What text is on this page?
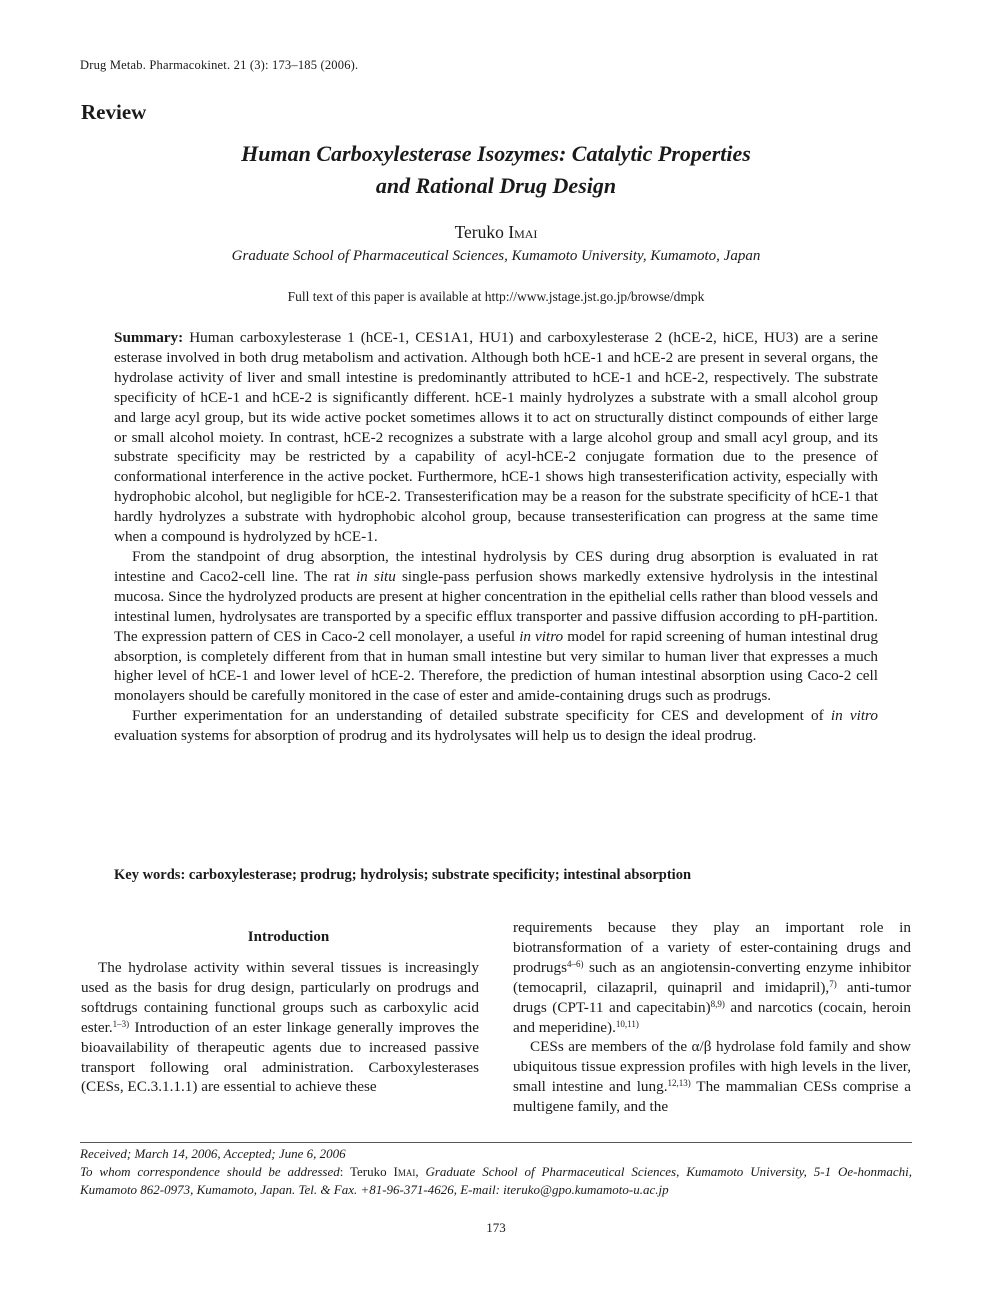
Drug Metab. Pharmacokinet. 21 (3): 173–185 (2006).
Review
Human Carboxylesterase Isozymes: Catalytic Properties
and Rational Drug Design
Teruko Imai
Graduate School of Pharmaceutical Sciences, Kumamoto University, Kumamoto, Japan
Full text of this paper is available at http://www.jstage.jst.go.jp/browse/dmpk

Summary: Human carboxylesterase 1 (hCE-1, CES1A1, HU1) and carboxylesterase 2 (hCE-2, hiCE, HU3) are a serine esterase involved in both drug metabolism and activation. Although both hCE-1 and hCE-2 are present in several organs, the hydrolase activity of liver and small intestine is predominantly attributed to hCE-1 and hCE-2, respectively. The substrate specificity of hCE-1 and hCE-2 is significantly different. hCE-1 mainly hydrolyzes a substrate with a small alcohol group and large acyl group, but its wide active pocket sometimes allows it to act on structurally distinct compounds of either large or small alcohol moiety. In contrast, hCE-2 recognizes a substrate with a large alcohol group and small acyl group, and its substrate specificity may be restricted by a capability of acyl-hCE-2 conjugate formation due to the presence of conformational interference in the active pocket. Furthermore, hCE-1 shows high transesterification activity, especially with hydrophobic alcohol, but negligible for hCE-2. Transesterification may be a reason for the substrate specificity of hCE-1 that hardly hydrolyzes a substrate with hydrophobic alcohol group, because transesterification can progress at the same time when a compound is hydrolyzed by hCE-1.

From the standpoint of drug absorption, the intestinal hydrolysis by CES during drug absorption is evaluated in rat intestine and Caco2-cell line. The rat in situ single-pass perfusion shows markedly extensive hydrolysis in the intestinal mucosa. Since the hydrolyzed products are present at higher concentration in the epithelial cells rather than blood vessels and intestinal lumen, hydrolysates are transported by a specific efflux transporter and passive diffusion according to pH-partition. The expression pattern of CES in Caco-2 cell monolayer, a useful in vitro model for rapid screening of human intestinal drug absorption, is completely different from that in human small intestine but very similar to human liver that expresses a much higher level of hCE-1 and lower level of hCE-2. Therefore, the prediction of human intestinal absorption using Caco-2 cell monolayers should be carefully monitored in the case of ester and amide-containing drugs such as prodrugs.

Further experimentation for an understanding of detailed substrate specificity for CES and development of in vitro evaluation systems for absorption of prodrug and its hydrolysates will help us to design the ideal prodrug.

Key words: carboxylesterase; prodrug; hydrolysis; substrate specificity; intestinal absorption
Introduction

The hydrolase activity within several tissues is increasingly used as the basis for drug design, particularly on prodrugs and softdrugs containing functional groups such as carboxylic acid ester.$^{1-3)}$ Introduction of an ester linkage generally improves the bioavailability of therapeutic agents due to increased passive transport following oral administration. Carboxylesterases (CESs, EC.3.1.1.1) are essential to achieve these

requirements because they play an important role in biotransformation of a variety of ester-containing drugs and prodrugs$^{4-6)}$ such as an angiotensin-converting enzyme inhibitor (temocapril, cilazapril, quinapril and imidapril),$^{7)}$ anti-tumor drugs (CPT-11 and capecitabin)$^{8,9)}$ and narcotics (cocain, heroin and meperidine).$^{10,11)}$

CESs are members of the α/β hydrolase fold family and show ubiquitous tissue expression profiles with high levels in the liver, small intestine and lung.$^{12,13)}$ The mammalian CESs comprise a multigene family, and the

Received; March 14, 2006, Accepted; June 6, 2006

To whom correspondence should be addressed: Teruko Imai, Graduate School of Pharmaceutical Sciences, Kumamoto University, 5-1 Oe-honmachi, Kumamoto 862-0973, Kumamoto, Japan. Tel. & Fax. +81-96-371-4626, E-mail: iteruko@gpo.kumamoto-u.ac.jp

173
